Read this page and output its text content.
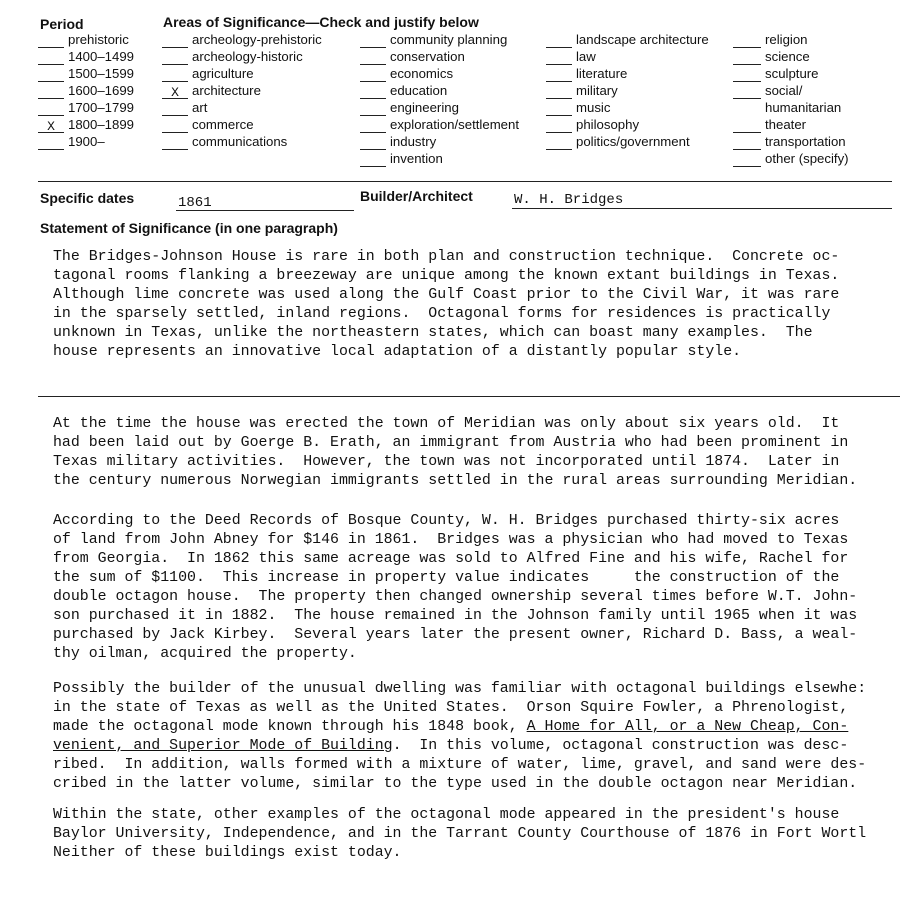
Period	Areas of Significance—Check and justify below
prehistoric
1400–1499
1500–1599
1600–1699
1700–1799
X 1800–1899
1900–
archeology-prehistoric
archeology-historic
agriculture
X architecture
art
commerce
communications
community planning
conservation
economics
education
engineering
exploration/settlement
industry
invention
landscape architecture
law
literature
military
music
philosophy
politics/government
religion
science
sculpture
social/
humanitarian
theater
transportation
other (specify)
Specific dates	1861	Builder/Architect	W. H. Bridges
Statement of Significance (in one paragraph)
The Bridges-Johnson House is rare in both plan and construction technique.  Concrete oc-
tagonal rooms flanking a breezeway are unique among the known extant buildings in Texas.
Although lime concrete was used along the Gulf Coast prior to the Civil War, it was rare
in the sparsely settled, inland regions.  Octagonal forms for residences is practically
unknown in Texas, unlike the northeastern states, which can boast many examples.  The
house represents an innovative local adaptation of a distantly popular style.
At the time the house was erected the town of Meridian was only about six years old.  It
had been laid out by Goerge B. Erath, an immigrant from Austria who had been prominent in
Texas military activities.  However, the town was not incorporated until 1874.  Later in
the century numerous Norwegian immigrants settled in the rural areas surrounding Meridian.
According to the Deed Records of Bosque County, W. H. Bridges purchased thirty-six acres
of land from John Abney for $146 in 1861.  Bridges was a physician who had moved to Texas
from Georgia.  In 1862 this same acreage was sold to Alfred Fine and his wife, Rachel for
the sum of $1100.  This increase in property value indicates     the construction of the
double octagon house.  The property then changed ownership several times before W.T. John-
son purchased it in 1882.  The house remained in the Johnson family until 1965 when it was
purchased by Jack Kirbey.  Several years later the present owner, Richard D. Bass, a weal-
thy oilman, acquired the property.
Possibly the builder of the unusual dwelling was familiar with octagonal buildings elsewhe:
in the state of Texas as well as the United States.  Orson Squire Fowler, a Phrenologist,
made the octagonal mode known through his 1848 book, A Home for All, or a New Cheap, Con-
venient, and Superior Mode of Building.  In this volume, octagonal construction was desc-
ribed.  In addition, walls formed with a mixture of water, lime, gravel, and sand were des-
cribed in the latter volume, similar to the type used in the double octagon near Meridian.
Within the state, other examples of the octagonal mode appeared in the president's house
Baylor University, Independence, and in the Tarrant County Courthouse of 1876 in Fort Wortl
Neither of these buildings exist today.
